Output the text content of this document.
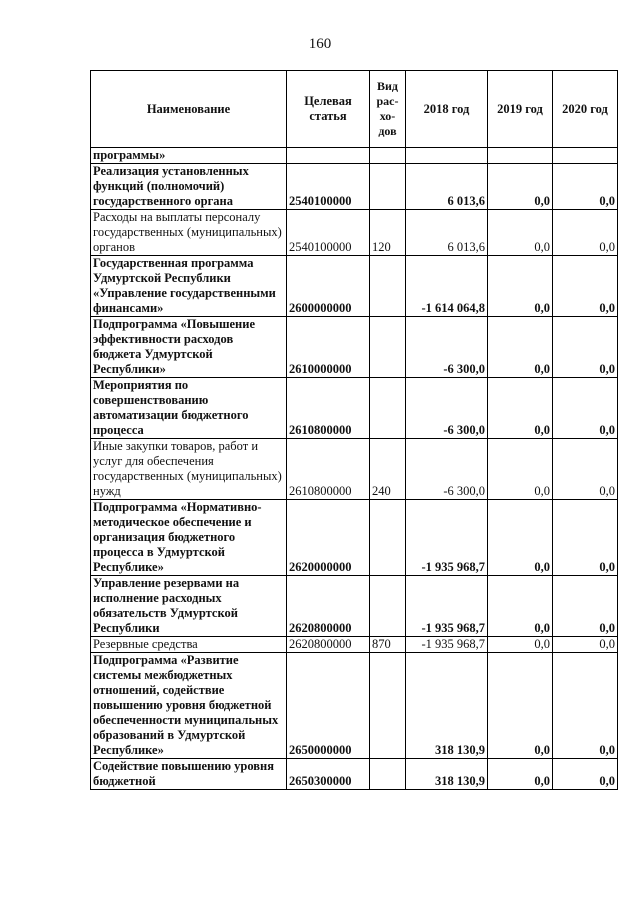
160
Наименование	Целевая статья	Вид рас-хо-дов	2018 год	2019 год	2020 год
программы»					
Реализация установленных функций (полномочий) государственного органа	2540100000		6 013,6	0,0	0,0
Расходы на выплаты персоналу государственных (муниципальных) органов	2540100000	120	6 013,6	0,0	0,0
Государственная программа Удмуртской Республики «Управление государственными финансами»	2600000000		-1 614 064,8	0,0	0,0
Подпрограмма «Повышение эффективности расходов бюджета Удмуртской Республики»	2610000000		-6 300,0	0,0	0,0
Мероприятия по совершенствованию автоматизации бюджетного процесса	2610800000		-6 300,0	0,0	0,0
Иные закупки товаров, работ и услуг для обеспечения государственных (муниципальных) нужд	2610800000	240	-6 300,0	0,0	0,0
Подпрограмма «Нормативно-методическое обеспечение и организация бюджетного процесса в Удмуртской Республике»	2620000000		-1 935 968,7	0,0	0,0
Управление резервами на исполнение расходных обязательств Удмуртской Республики	2620800000		-1 935 968,7	0,0	0,0
Резервные средства	2620800000	870	-1 935 968,7	0,0	0,0
Подпрограмма «Развитие системы межбюджетных отношений, содействие повышению уровня бюджетной обеспеченности муниципальных образований в Удмуртской Республике»	2650000000		318 130,9	0,0	0,0
Содействие повышению уровня бюджетной	2650300000		318 130,9	0,0	0,0
